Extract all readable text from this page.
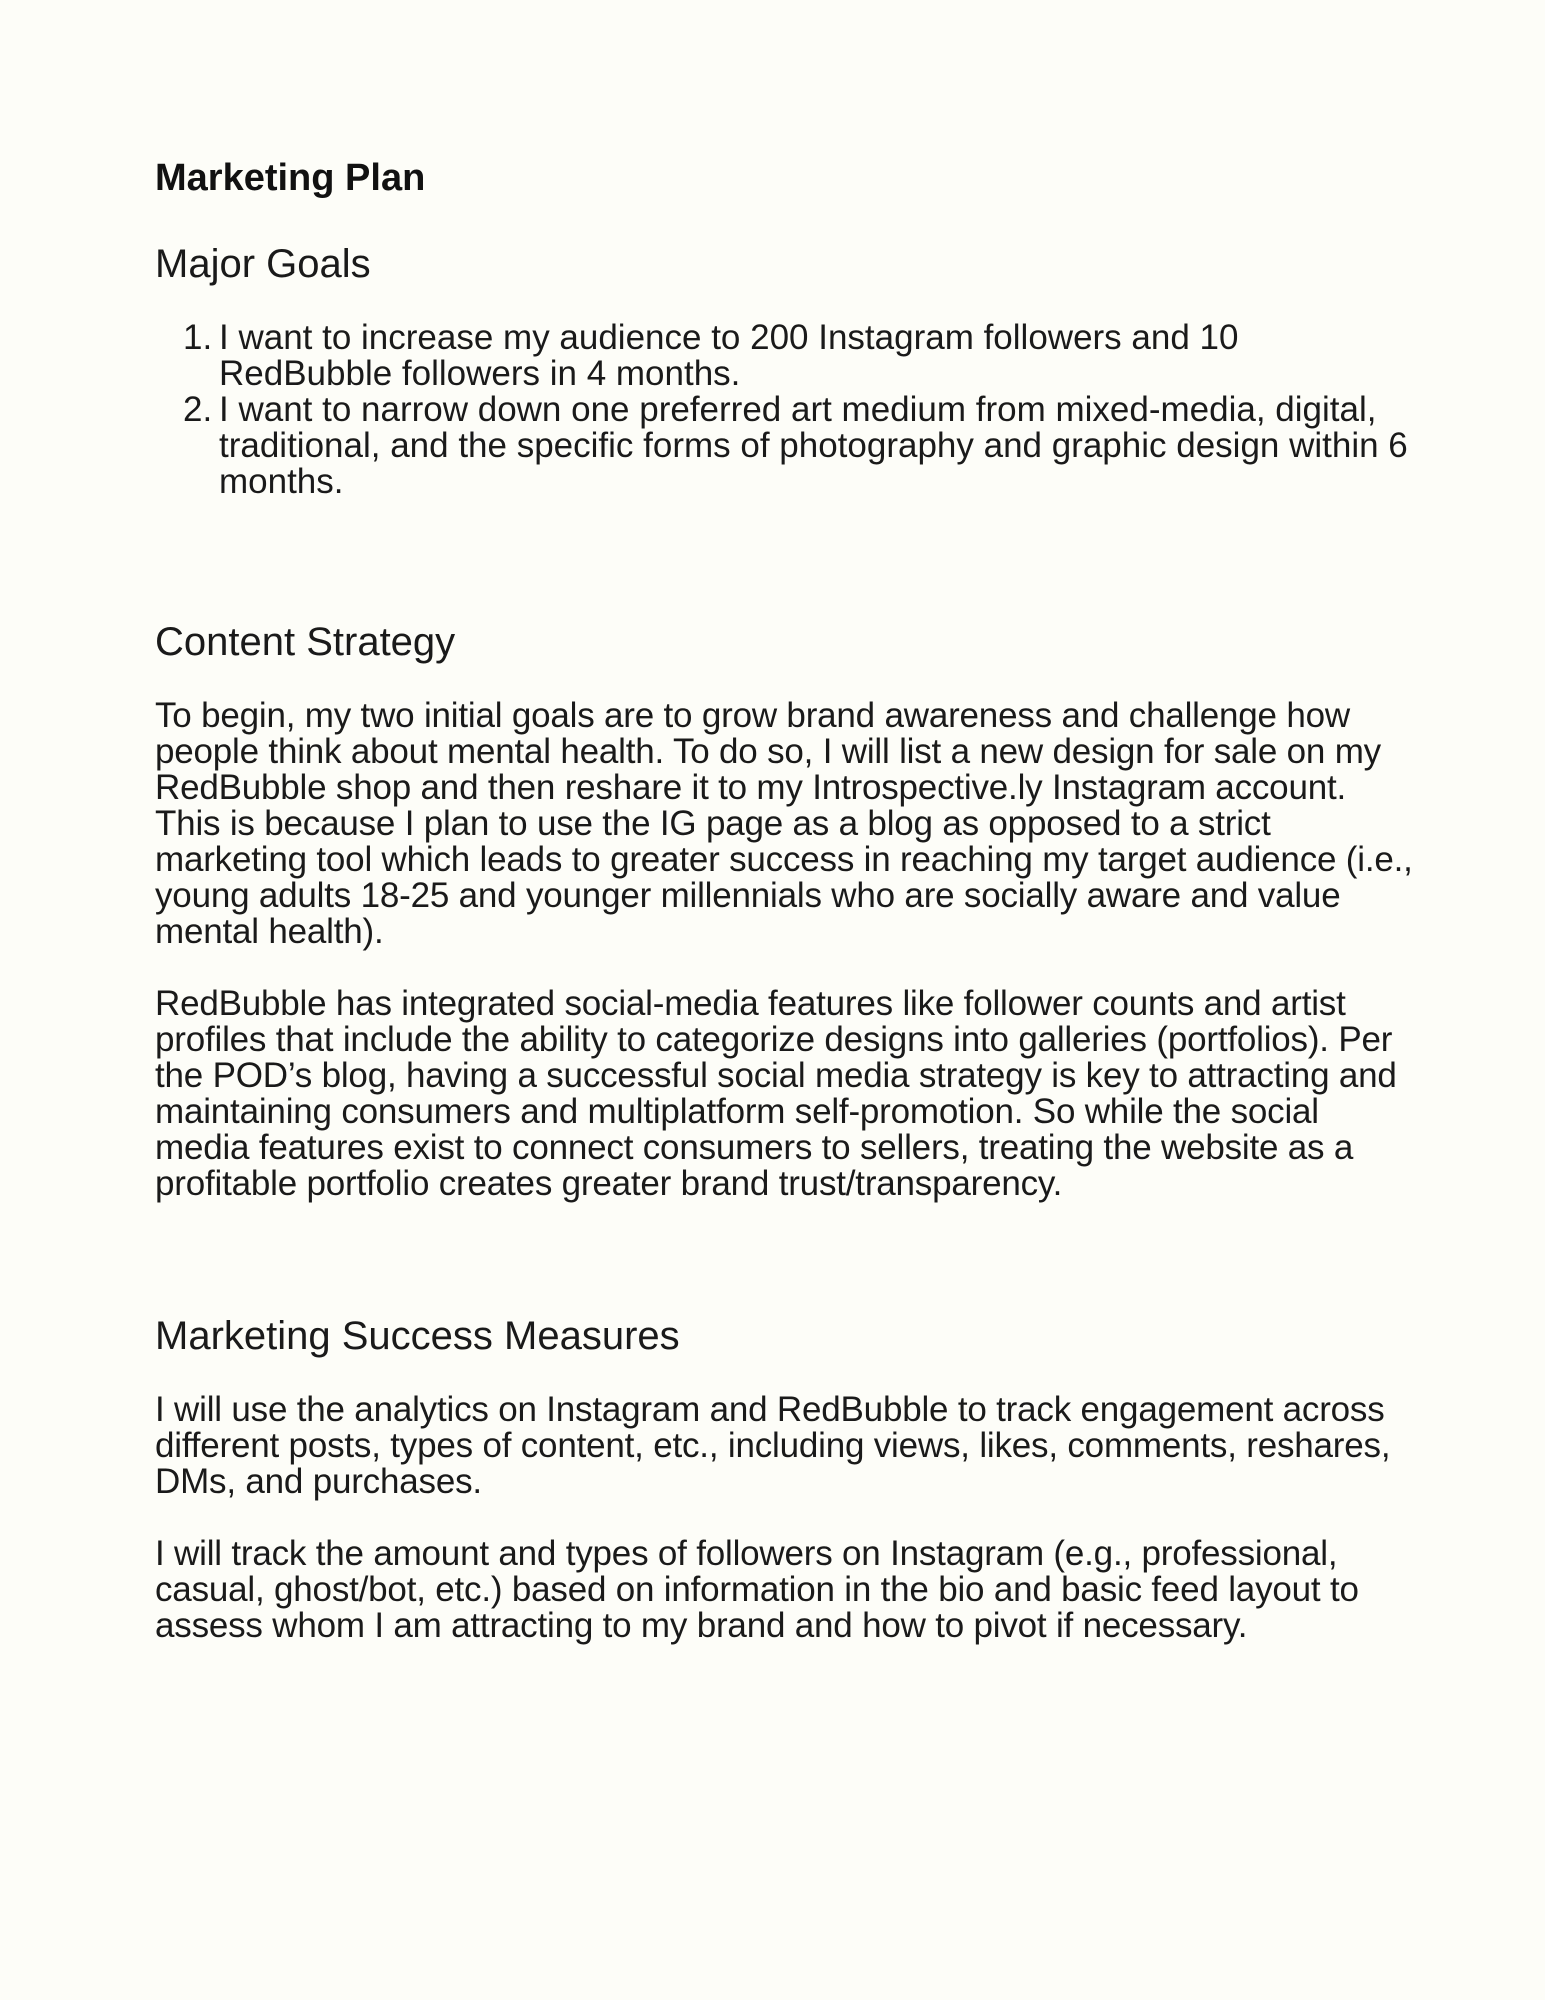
Marketing Plan
Major Goals
I want to increase my audience to 200 Instagram followers and 10 RedBubble followers in 4 months.
I want to narrow down one preferred art medium from mixed-media, digital, traditional, and the specific forms of photography and graphic design within 6 months.
Content Strategy

To begin, my two initial goals are to grow brand awareness and challenge how people think about mental health. To do so, I will list a new design for sale on my RedBubble shop and then reshare it to my Introspective.ly Instagram account. This is because I plan to use the IG page as a blog as opposed to a strict marketing tool which leads to greater success in reaching my target audience (i.e., young adults 18-25 and younger millennials who are socially aware and value mental health).

RedBubble has integrated social-media features like follower counts and artist profiles that include the ability to categorize designs into galleries (portfolios). Per the POD’s blog, having a successful social media strategy is key to attracting and maintaining consumers and multiplatform self-promotion. So while the social media features exist to connect consumers to sellers, treating the website as a profitable portfolio creates greater brand trust/transparency.

Marketing Success Measures

I will use the analytics on Instagram and RedBubble to track engagement across different posts, types of content, etc., including views, likes, comments, reshares, DMs, and purchases.

I will track the amount and types of followers on Instagram (e.g., professional, casual, ghost/bot, etc.) based on information in the bio and basic feed layout to assess whom I am attracting to my brand and how to pivot if necessary.
